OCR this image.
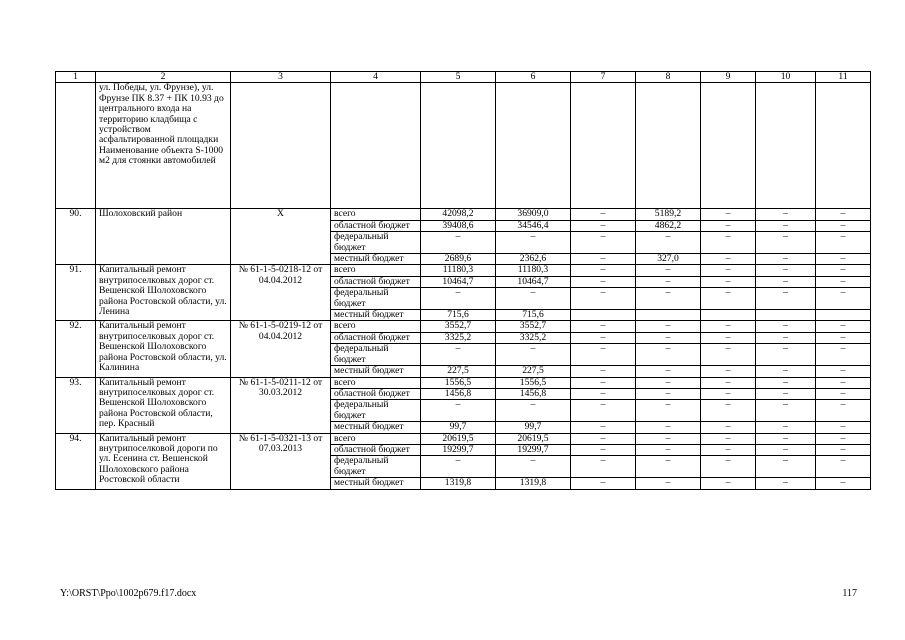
1	2	3	4	5	6	7	8	9	10	11
	ул. Победы, ул. Фрунзе), ул. Фрунзе ПК 8.37 + ПК 10.93 до центрального входа на территорию кладбища с устройством асфальтированной площадки Наименование объекта S-1000 м2 для стоянки автомобилей									
90.	Шолоховский район	Х	всего	42098,2	36909,0	–	5189,2	–	–	–
			областной бюджет	39408,6	34546,4	–	4862,2	–	–	–
			федеральный бюджет	–	–	–	–	–	–	–
			местный бюджет	2689,6	2362,6	–	327,0	–	–	–
91.	Капитальный ремонт внутрипоселковых дорог ст. Вешенской Шолоховского района Ростовской области, ул. Ленина	№ 61-1-5-0218-12 от 04.04.2012	всего	11180,3	11180,3	–	–	–	–	–
			областной бюджет	10464,7	10464,7	–	–	–	–	–
			федеральный бюджет	–	–	–	–	–	–	–
			местный бюджет	715,6	715,6					
92.	Капитальный ремонт внутрипоселковых дорог ст. Вешенской Шолоховского района Ростовской области, ул. Калинина	№ 61-1-5-0219-12 от 04.04.2012	всего	3552,7	3552,7	–	–	–	–	–
			областной бюджет	3325,2	3325,2	–	–	–	–	–
			федеральный бюджет	–	–	–	–	–	–	–
			местный бюджет	227,5	227,5	–	–	–	–	–
93.	Капитальный ремонт внутрипоселковых дорог ст. Вешенской Шолоховского района Ростовской области, пер. Красный	№ 61-1-5-0211-12 от 30.03.2012	всего	1556,5	1556,5	–	–	–	–	–
			областной бюджет	1456,8	1456,8	–	–	–	–	–
			федеральный бюджет	–	–	–	–	–	–	–
			местный бюджет	99,7	99,7	–	–	–	–	–
94.	Капитальный ремонт внутрипоселковой дороги по ул. Есенина ст. Вешенской Шолоховского района Ростовской области	№ 61-1-5-0321-13 от 07.03.2013	всего	20619,5	20619,5	–	–	–	–	–
			областной бюджет	19299,7	19299,7	–	–	–	–	–
			федеральный бюджет	–	–	–	–	–	–	–
			местный бюджет	1319,8	1319,8	–	–	–	–	–
Y:\ORST\Ppo\1002p679.f17.docx	117
